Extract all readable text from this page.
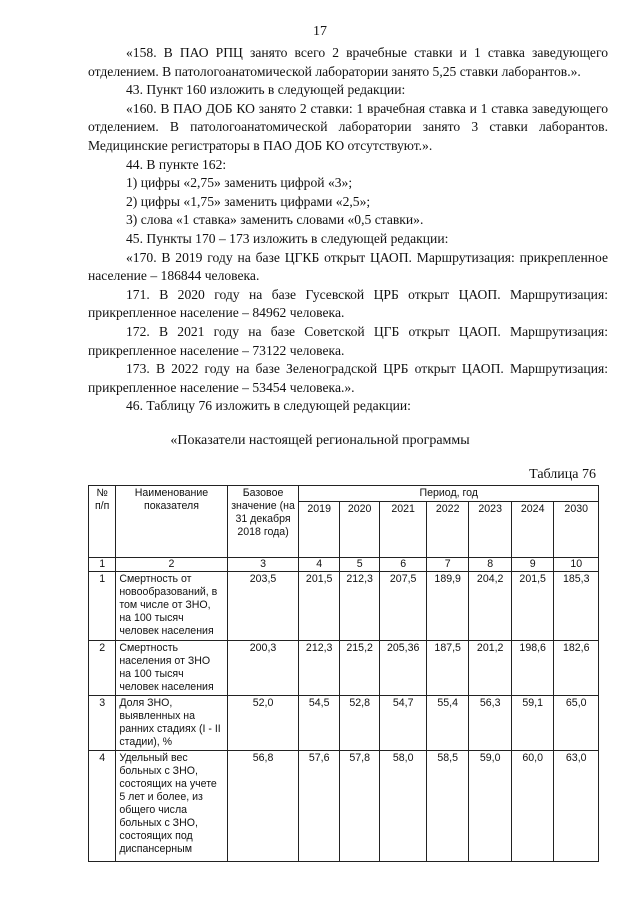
17

«158. В ПАО РПЦ занято всего 2 врачебные ставки и 1 ставка заведующего отделением. В патологоанатомической лаборатории занято 5,25 ставки лаборантов.».

43. Пункт 160 изложить в следующей редакции:

«160. В ПАО ДОБ КО занято 2 ставки: 1 врачебная ставка и 1 ставка заведующего отделением. В патологоанатомической лаборатории занято 3 ставки лаборантов. Медицинские регистраторы в ПАО ДОБ КО отсутствуют.».

44. В пункте 162:

1) цифры «2,75» заменить цифрой «3»;

2) цифры «1,75» заменить цифрами «2,5»;

3) слова «1 ставка» заменить словами «0,5 ставки».

45. Пункты 170 – 173 изложить в следующей редакции:

«170. В 2019 году на базе ЦГКБ открыт ЦАОП. Маршрутизация: прикрепленное население – 186844 человека.

171. В 2020 году на базе Гусевской ЦРБ открыт ЦАОП. Маршрутизация: прикрепленное население – 84962 человека.

172. В 2021 году на базе Советской ЦГБ открыт ЦАОП. Маршрутизация: прикрепленное население – 73122 человека.

173. В 2022 году на базе Зеленоградской ЦРБ открыт ЦАОП. Маршрутизация: прикрепленное население – 53454 человека.».

46. Таблицу 76 изложить в следующей редакции:

«Показатели настоящей региональной программы
Таблица 76
№ п/п	Наименование показателя	Базовое значение (на 31 декабря 2018 года)	Период, год						
			2019	2020	2021	2022	2023	2024	2030
1	2	3	4	5	6	7	8	9	10
1	Смертность от новообразований, в том числе от ЗНО, на 100 тысяч человек населения	203,5	201,5	212,3	207,5	189,9	204,2	201,5	185,3
2	Смертность населения от ЗНО на 100 тысяч человек населения	200,3	212,3	215,2	205,36	187,5	201,2	198,6	182,6
3	Доля ЗНО, выявленных на ранних стадиях (I - II стадии), %	52,0	54,5	52,8	54,7	55,4	56,3	59,1	65,0
4	Удельный вес больных с ЗНО, состоящих на учете 5 лет и более, из общего числа больных с ЗНО, состоящих под диспансерным	56,8	57,6	57,8	58,0	58,5	59,0	60,0	63,0
